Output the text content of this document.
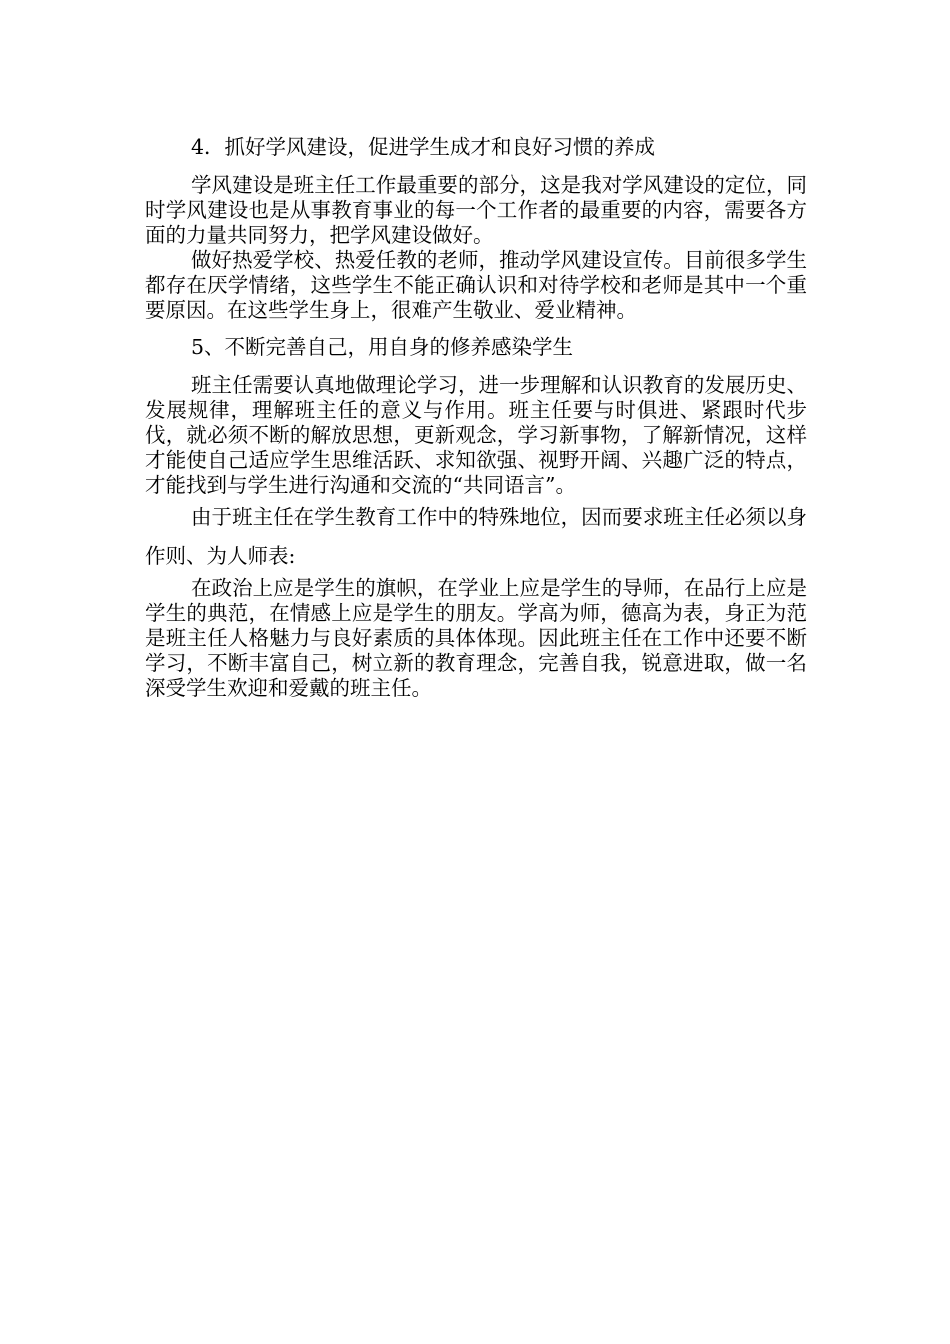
4．抓好学风建设，促进学生成才和良好习惯的养成

学风建设是班主任工作最重要的部分，这是我对学风建设的定位，同时学风建设也是从事教育事业的每一个工作者的最重要的内容，需要各方面的力量共同努力，把学风建设做好。

做好热爱学校、热爱任教的老师，推动学风建设宣传。目前很多学生都存在厌学情绪，这些学生不能正确认识和对待学校和老师是其中一个重要原因。在这些学生身上，很难产生敬业、爱业精神。

5、不断完善自己，用自身的修养感染学生

班主任需要认真地做理论学习，进一步理解和认识教育的发展历史、发展规律，理解班主任的意义与作用。班主任要与时俱进、紧跟时代步伐，就必须不断的解放思想，更新观念，学习新事物，了解新情况，这样才能使自己适应学生思维活跃、求知欲强、视野开阔、兴趣广泛的特点，才能找到与学生进行沟通和交流的“共同语言”。

由于班主任在学生教育工作中的特殊地位，因而要求班主任必须以身作则、为人师表:

在政治上应是学生的旗帜，在学业上应是学生的导师，在品行上应是学生的典范，在情感上应是学生的朋友。学高为师，德高为表，身正为范是班主任人格魅力与良好素质的具体体现。因此班主任在工作中还要不断学习，不断丰富自己，树立新的教育理念，完善自我，锐意进取，做一名深受学生欢迎和爱戴的班主任。
